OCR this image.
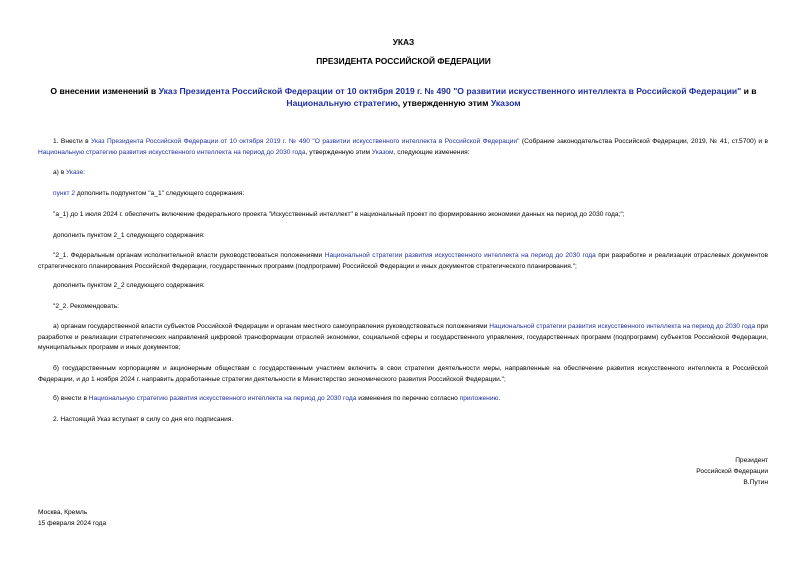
УКАЗ
ПРЕЗИДЕНТА РОССИЙСКОЙ ФЕДЕРАЦИИ
О внесении изменений в Указ Президента Российской Федерации от 10 октября 2019 г. № 490 "О развитии искусственного интеллекта в Российской Федерации" и в Национальную стратегию, утвержденную этим Указом
1. Внести в Указ Президента Российской Федерации от 10 октября 2019 г. № 490 "О развитии искусственного интеллекта в Российской Федерации" (Собрание законодательства Российской Федерации, 2019, № 41, ст.5700) и в Национальную стратегию развития искусственного интеллекта на период до 2030 года, утвержденную этим Указом, следующие изменения:
а) в Указе:
пункт 2 дополнить подпунктом "а_1" следующего содержания:
"а_1) до 1 июля 2024 г. обеспечить включение федерального проекта "Искусственный интеллект" в национальный проект по формированию экономики данных на период до 2030 года;";
дополнить пунктом 2_1 следующего содержания:
"2_1. Федеральным органам исполнительной власти руководствоваться положениями Национальной стратегии развития искусственного интеллекта на период до 2030 года при разработке и реализации отраслевых документов стратегического планирования Российской Федерации, государственных программ (подпрограмм) Российской Федерации и иных документов стратегического планирования.";
дополнить пунктом 2_2 следующего содержания:
"2_2. Рекомендовать:
а) органам государственной власти субъектов Российской Федерации и органам местного самоуправления руководствоваться положениями Национальной стратегии развития искусственного интеллекта на период до 2030 года при разработке и реализации стратегических направлений цифровой трансформации отраслей экономики, социальной сферы и государственного управления, государственных программ (подпрограмм) субъектов Российской Федерации, муниципальных программ и иных документов;
б) государственным корпорациям и акционерным обществам с государственным участием включить в свои стратегии деятельности меры, направленные на обеспечение развития искусственного интеллекта в Российской Федерации, и до 1 ноября 2024 г. направить доработанные стратегии деятельности в Министерство экономического развития Российской Федерации.";
б) внести в Национальную стратегию развития искусственного интеллекта на период до 2030 года изменения по перечню согласно приложению.
2. Настоящий Указ вступает в силу со дня его подписания.
Президент
Российской Федерации
В.Путин
Москва, Кремль
15 февраля 2024 года
